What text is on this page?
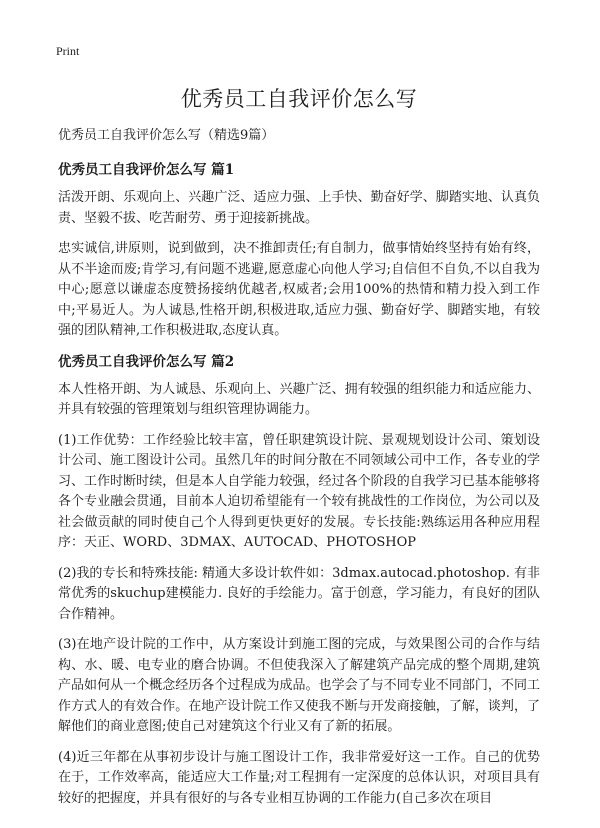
Print
优秀员工自我评价怎么写
优秀员工自我评价怎么写（精选9篇）
优秀员工自我评价怎么写 篇1

活泼开朗、乐观向上、兴趣广泛、适应力强、上手快、勤奋好学、脚踏实地、认真负责、坚毅不拔、吃苦耐劳、勇于迎接新挑战。

忠实诚信,讲原则，说到做到，决不推卸责任;有自制力，做事情始终坚持有始有终，从不半途而废;肯学习,有问题不逃避,愿意虚心向他人学习;自信但不自负,不以自我为中心;愿意以谦虚态度赞扬接纳优越者,权威者;会用100%的热情和精力投入到工作中;平易近人。为人诚恳,性格开朗,积极进取,适应力强、勤奋好学、脚踏实地，有较强的团队精神,工作积极进取,态度认真。

优秀员工自我评价怎么写 篇2

本人性格开朗、为人诚恳、乐观向上、兴趣广泛、拥有较强的组织能力和适应能力、并具有较强的管理策划与组织管理协调能力。

(1)工作优势：工作经验比较丰富，曾任职建筑设计院、景观规划设计公司、策划设计公司、施工图设计公司。虽然几年的时间分散在不同领域公司中工作，各专业的学习、工作时断时续，但是本人自学能力较强，经过各个阶段的自我学习已基本能够将各个专业融会贯通，目前本人迫切希望能有一个较有挑战性的工作岗位，为公司以及社会做贡献的同时使自己个人得到更快更好的发展。专长技能:熟练运用各种应用程序：天正、WORD、3DMAX、AUTOCAD、PHOTOSHOP

(2)我的专长和特殊技能: 精通大多设计软件如：3dmax.autocad.photoshop. 有非常优秀的skuchup建模能力. 良好的手绘能力。富于创意，学习能力，有良好的团队合作精神。

(3)在地产设计院的工作中，从方案设计到施工图的完成，与效果图公司的合作与结构、水、暖、电专业的磨合协调。不但使我深入了解建筑产品完成的整个周期,建筑产品如何从一个概念经历各个过程成为成品。也学会了与不同专业不同部门，不同工作方式人的有效合作。在地产设计院工作又使我不断与开发商接触，了解，谈判，了解他们的商业意图;使自己对建筑这个行业又有了新的拓展。

(4)近三年都在从事初步设计与施工图设计工作，我非常爱好这一工作。自己的优势在于，工作效率高，能适应大工作量;对工程拥有一定深度的总体认识，对项目具有较好的把握度，并具有很好的与各专业相互协调的工作能力(自己多次在项目
